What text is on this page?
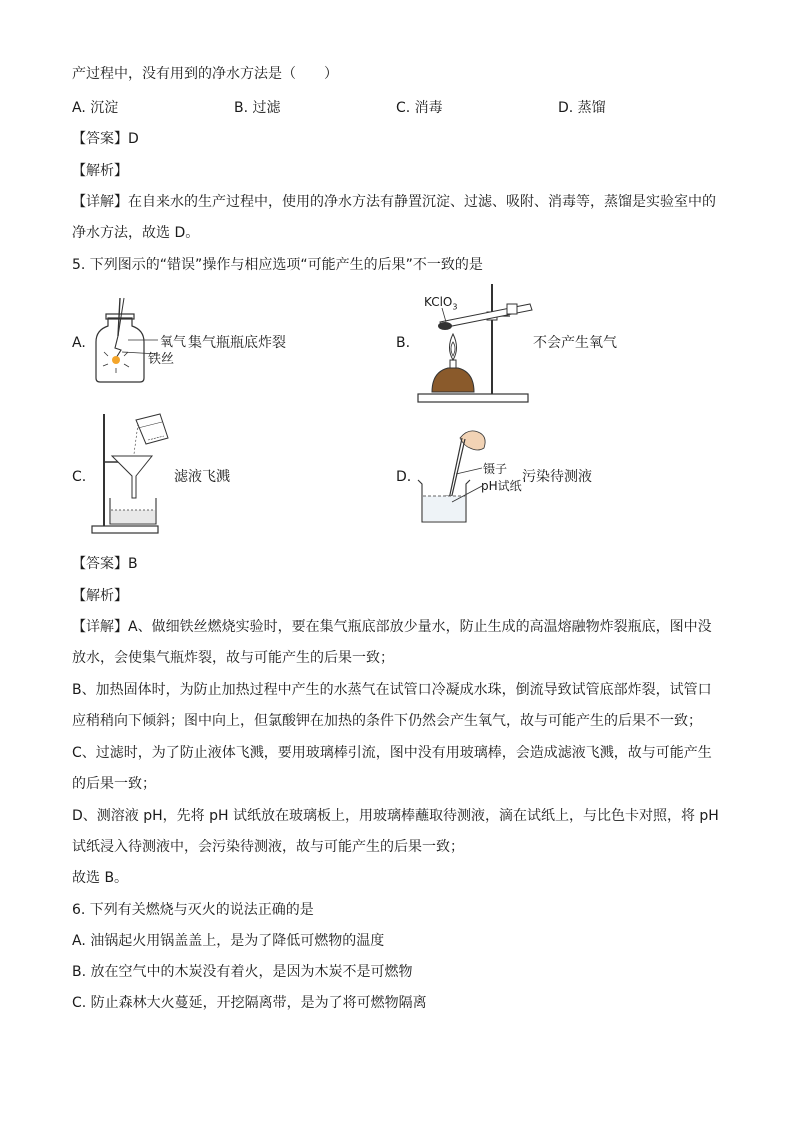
产过程中，没有用到的净水方法是（　　）
A. 沉淀	B. 过滤	C. 消毒	D. 蒸馏
【答案】D
【解析】
【详解】在自来水的生产过程中，使用的净水方法有静置沉淀、过滤、吸附、消毒等，蒸馏是实验室中的
净水方法，故选 D。
5. 下列图示的“错误”操作与相应选项“可能产生的后果”不一致的是
A.	氧气
铁丝
集气瓶瓶底炸裂	B.
KClO$_3$
不会产生氧气
C.	滤液飞溅	D.	镊子
pH试纸
污染待测液
【答案】B
【解析】
【详解】A、做细铁丝燃烧实验时，要在集气瓶底部放少量水，防止生成的高温熔融物炸裂瓶底，图中没
放水，会使集气瓶炸裂，故与可能产生的后果一致；
B、加热固体时，为防止加热过程中产生的水蒸气在试管口冷凝成水珠，倒流导致试管底部炸裂，试管口
应稍稍向下倾斜；图中向上，但氯酸钾在加热的条件下仍然会产生氧气，故与可能产生的后果不一致；
C、过滤时，为了防止液体飞溅，要用玻璃棒引流，图中没有用玻璃棒，会造成滤液飞溅，故与可能产生
的后果一致；
D、测溶液 pH，先将 pH 试纸放在玻璃板上，用玻璃棒蘸取待测液，滴在试纸上，与比色卡对照，将 pH
试纸浸入待测液中，会污染待测液，故与可能产生的后果一致；
故选 B。
6. 下列有关燃烧与灭火的说法正确的是
A. 油锅起火用锅盖盖上，是为了降低可燃物的温度
B. 放在空气中的木炭没有着火，是因为木炭不是可燃物
C. 防止森林大火蔓延，开挖隔离带，是为了将可燃物隔离
